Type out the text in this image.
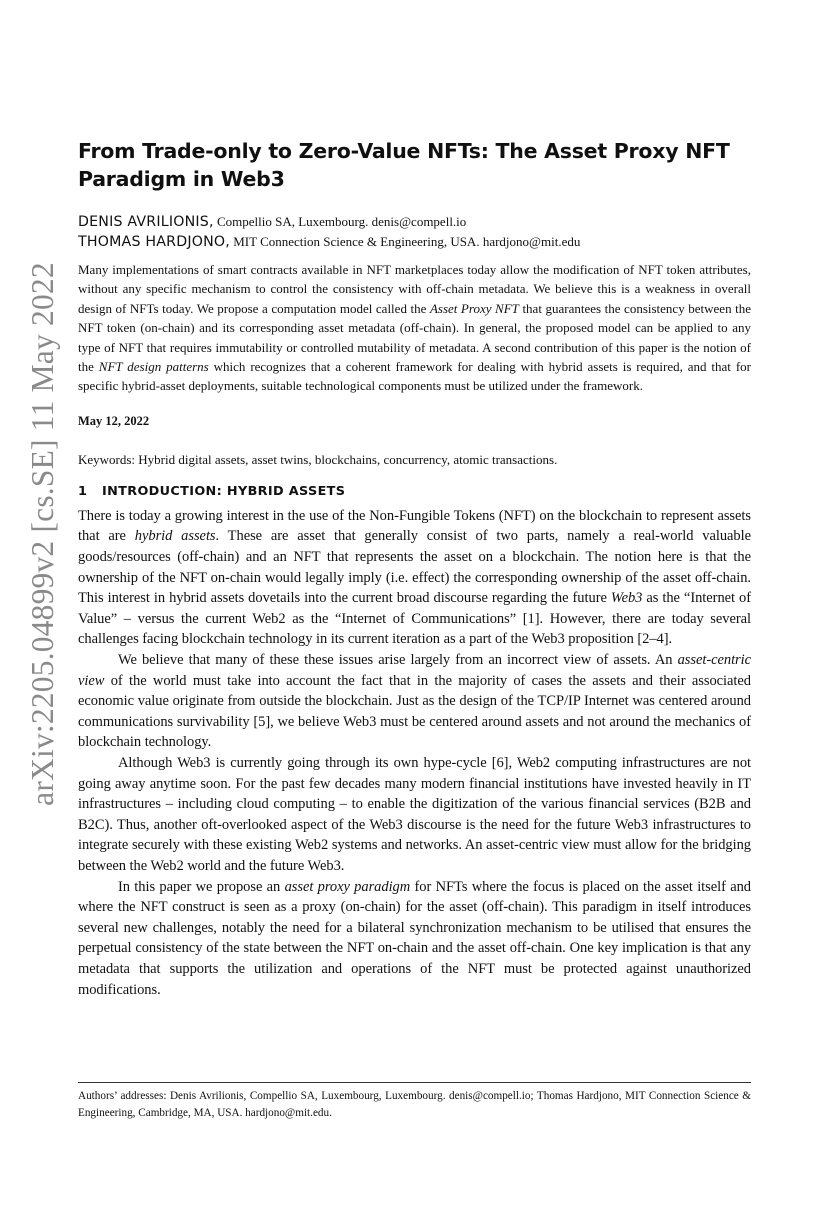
arXiv:2205.04899v2 [cs.SE] 11 May 2022
From Trade-only to Zero-Value NFTs: The Asset Proxy NFT Paradigm in Web3
DENIS AVRILIONIS, Compellio SA, Luxembourg. denis@compell.io
THOMAS HARDJONO, MIT Connection Science & Engineering, USA. hardjono@mit.edu
Many implementations of smart contracts available in NFT marketplaces today allow the modification of NFT token attributes, without any specific mechanism to control the consistency with off-chain metadata. We believe this is a weakness in overall design of NFTs today. We propose a computation model called the Asset Proxy NFT that guarantees the consistency between the NFT token (on-chain) and its corresponding asset metadata (off-chain). In general, the proposed model can be applied to any type of NFT that requires immutability or controlled mutability of metadata. A second contribution of this paper is the notion of the NFT design patterns which recognizes that a coherent framework for dealing with hybrid assets is required, and that for specific hybrid-asset deployments, suitable technological components must be utilized under the framework.
May 12, 2022
Keywords: Hybrid digital assets, asset twins, blockchains, concurrency, atomic transactions.
1 INTRODUCTION: HYBRID ASSETS

There is today a growing interest in the use of the Non-Fungible Tokens (NFT) on the blockchain to represent assets that are hybrid assets. These are asset that generally consist of two parts, namely a real-world valuable goods/resources (off-chain) and an NFT that represents the asset on a blockchain. The notion here is that the ownership of the NFT on-chain would legally imply (i.e. effect) the corresponding ownership of the asset off-chain. This interest in hybrid assets dovetails into the current broad discourse regarding the future Web3 as the “Internet of Value” – versus the current Web2 as the “Internet of Communications” [1]. However, there are today several challenges facing blockchain technology in its current iteration as a part of the Web3 proposition [2–4].

We believe that many of these these issues arise largely from an incorrect view of assets. An asset-centric view of the world must take into account the fact that in the majority of cases the assets and their associated economic value originate from outside the blockchain. Just as the design of the TCP/IP Internet was centered around communications survivability [5], we believe Web3 must be centered around assets and not around the mechanics of blockchain technology.

Although Web3 is currently going through its own hype-cycle [6], Web2 computing infrastructures are not going away anytime soon. For the past few decades many modern financial institutions have invested heavily in IT infrastructures – including cloud computing – to enable the digitization of the various financial services (B2B and B2C). Thus, another oft-overlooked aspect of the Web3 discourse is the need for the future Web3 infrastructures to integrate securely with these existing Web2 systems and networks. An asset-centric view must allow for the bridging between the Web2 world and the future Web3.

In this paper we propose an asset proxy paradigm for NFTs where the focus is placed on the asset itself and where the NFT construct is seen as a proxy (on-chain) for the asset (off-chain). This paradigm in itself introduces several new challenges, notably the need for a bilateral synchronization mechanism to be utilised that ensures the perpetual consistency of the state between the NFT on-chain and the asset off-chain. One key implication is that any metadata that supports the utilization and operations of the NFT must be protected against unauthorized modifications.

Authors’ addresses: Denis Avrilionis, Compellio SA, Luxembourg, Luxembourg. denis@compell.io; Thomas Hardjono, MIT Connection Science & Engineering, Cambridge, MA, USA. hardjono@mit.edu.
